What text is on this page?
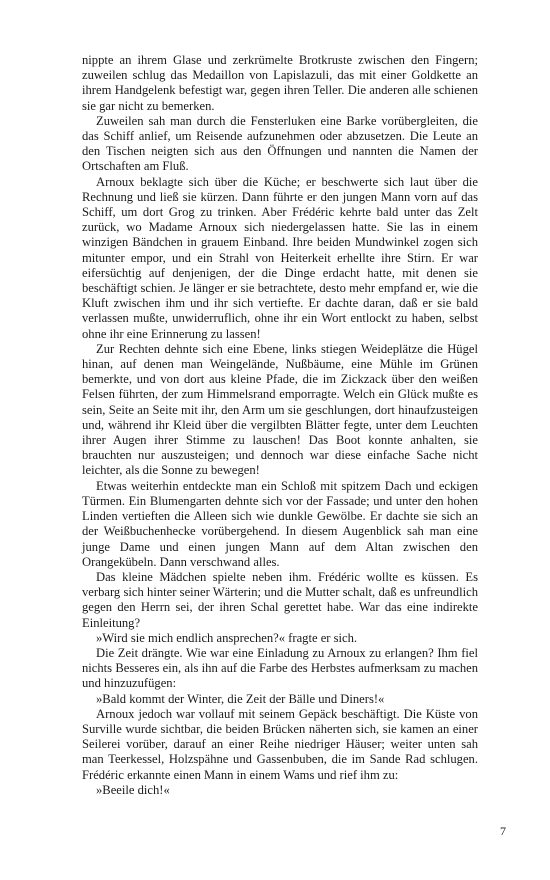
nippte an ihrem Glase und zerkrümelte Brotkruste zwischen den Fingern; zuweilen schlug das Medaillon von Lapislazuli, das mit einer Goldkette an ihrem Handgelenk befestigt war, gegen ihren Teller. Die anderen alle schienen sie gar nicht zu bemerken.

Zuweilen sah man durch die Fensterluken eine Barke vorübergleiten, die das Schiff anlief, um Reisende aufzunehmen oder abzusetzen. Die Leute an den Tischen neigten sich aus den Öffnungen und nannten die Namen der Ortschaften am Fluß.

Arnoux beklagte sich über die Küche; er beschwerte sich laut über die Rechnung und ließ sie kürzen. Dann führte er den jungen Mann vorn auf das Schiff, um dort Grog zu trinken. Aber Frédéric kehrte bald unter das Zelt zurück, wo Madame Arnoux sich niedergelassen hatte. Sie las in einem winzigen Bändchen in grauem Einband. Ihre beiden Mundwinkel zogen sich mitunter empor, und ein Strahl von Heiterkeit erhellte ihre Stirn. Er war eifersüchtig auf denjenigen, der die Dinge erdacht hatte, mit denen sie beschäftigt schien. Je länger er sie betrachtete, desto mehr empfand er, wie die Kluft zwischen ihm und ihr sich vertiefte. Er dachte daran, daß er sie bald verlassen mußte, unwiderruflich, ohne ihr ein Wort entlockt zu haben, selbst ohne ihr eine Erinnerung zu lassen!

Zur Rechten dehnte sich eine Ebene, links stiegen Weideplätze die Hügel hinan, auf denen man Weingelände, Nußbäume, eine Mühle im Grünen bemerkte, und von dort aus kleine Pfade, die im Zickzack über den weißen Felsen führten, der zum Himmelsrand emporragte. Welch ein Glück mußte es sein, Seite an Seite mit ihr, den Arm um sie geschlungen, dort hinaufzusteigen und, während ihr Kleid über die vergilbten Blätter fegte, unter dem Leuchten ihrer Augen ihrer Stimme zu lauschen! Das Boot konnte anhalten, sie brauchten nur auszusteigen; und dennoch war diese einfache Sache nicht leichter, als die Sonne zu bewegen!

Etwas weiterhin entdeckte man ein Schloß mit spitzem Dach und eckigen Türmen. Ein Blumengarten dehnte sich vor der Fassade; und unter den hohen Linden vertieften die Alleen sich wie dunkle Gewölbe. Er dachte sie sich an der Weißbuchenhecke vorübergehend. In diesem Augenblick sah man eine junge Dame und einen jungen Mann auf dem Altan zwischen den Orangekübeln. Dann verschwand alles.

Das kleine Mädchen spielte neben ihm. Frédéric wollte es küssen. Es verbarg sich hinter seiner Wärterin; und die Mutter schalt, daß es unfreundlich gegen den Herrn sei, der ihren Schal gerettet habe. War das eine indirekte Einleitung?

»Wird sie mich endlich ansprechen?« fragte er sich.

Die Zeit drängte. Wie war eine Einladung zu Arnoux zu erlangen? Ihm fiel nichts Besseres ein, als ihn auf die Farbe des Herbstes aufmerksam zu machen und hinzuzufügen:

»Bald kommt der Winter, die Zeit der Bälle und Diners!«

Arnoux jedoch war vollauf mit seinem Gepäck beschäftigt. Die Küste von Surville wurde sichtbar, die beiden Brücken näherten sich, sie kamen an einer Seilerei vorüber, darauf an einer Reihe niedriger Häuser; weiter unten sah man Teerkessel, Holzspähne und Gassenbuben, die im Sande Rad schlugen. Frédéric erkannte einen Mann in einem Wams und rief ihm zu:

»Beeile dich!«

7
